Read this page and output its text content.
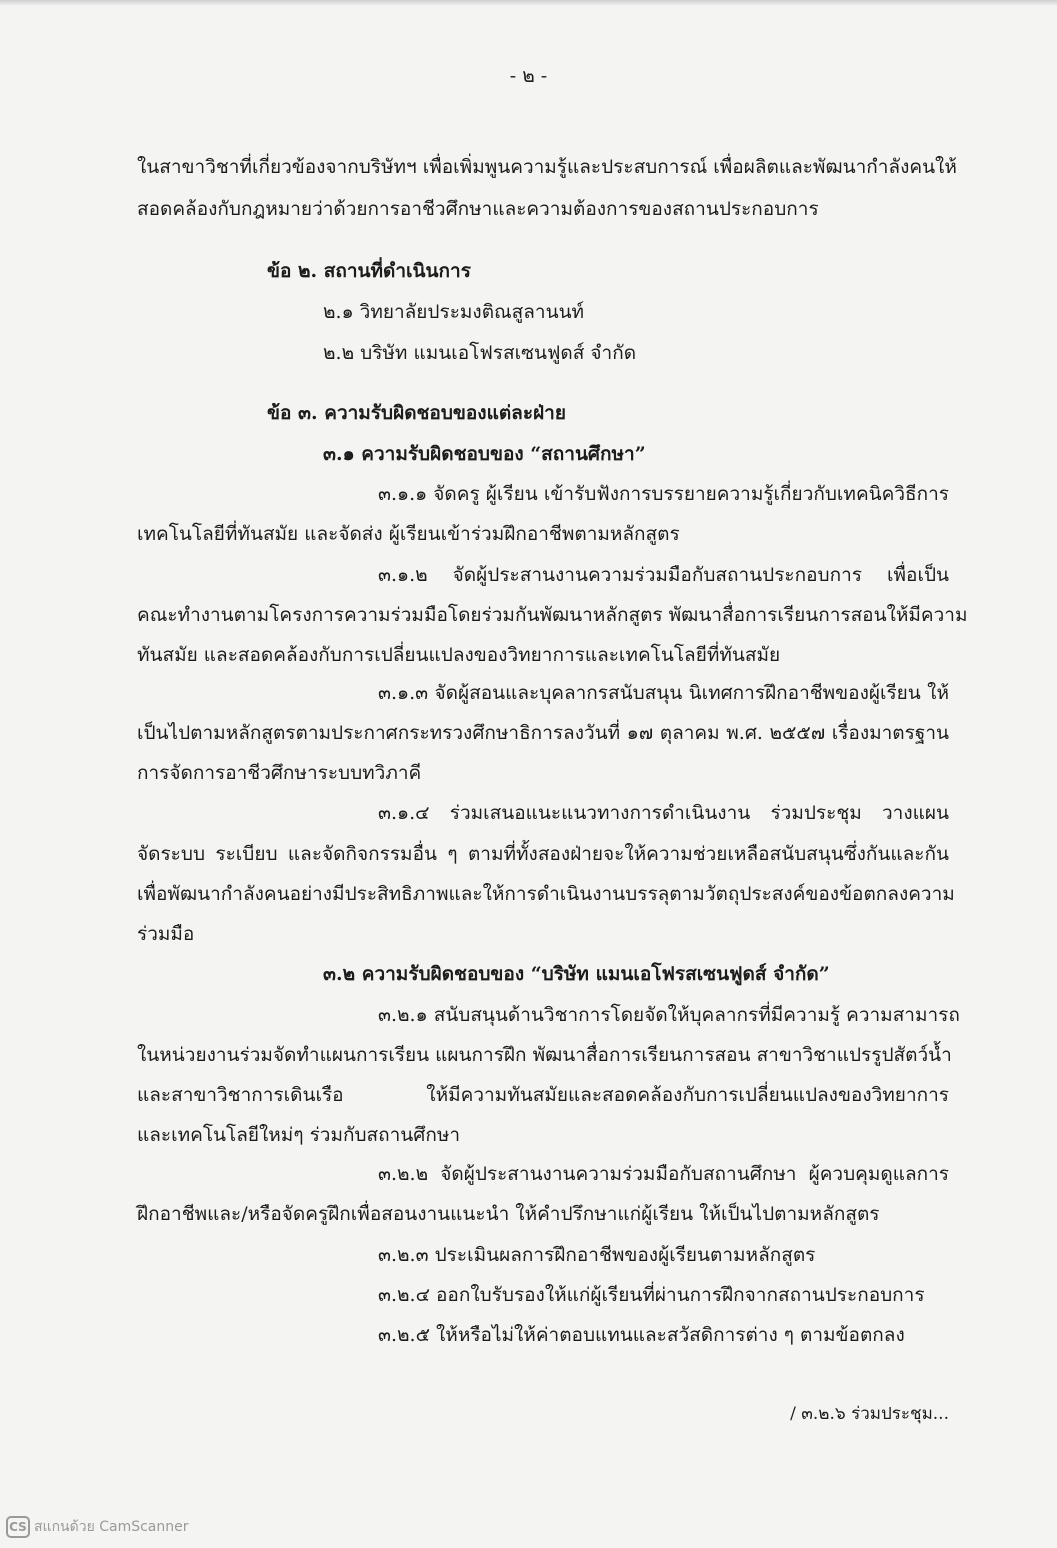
- ๒ -
ในสาขาวิชาที่เกี่ยวข้องจากบริษัทฯ เพื่อเพิ่มพูนความรู้และประสบการณ์ เพื่อผลิตและพัฒนากำลังคนให้
สอดคล้องกับกฎหมายว่าด้วยการอาชีวศึกษาและความต้องการของสถานประกอบการ
ข้อ ๒. สถานที่ดำเนินการ
๒.๑ วิทยาลัยประมงติณสูลานนท์
๒.๒ บริษัท แมนเอโฟรสเซนฟูดส์ จำกัด
ข้อ ๓. ความรับผิดชอบของแต่ละฝ่าย
๓.๑ ความรับผิดชอบของ “สถานศึกษา”
๓.๑.๑ จัดครู ผู้เรียน เข้ารับฟังการบรรยายความรู้เกี่ยวกับเทคนิควิธีการ
เทคโนโลยีที่ทันสมัย และจัดส่ง ผู้เรียนเข้าร่วมฝึกอาชีพตามหลักสูตร
๓.๑.๒ จัดผู้ประสานงานความร่วมมือกับสถานประกอบการ เพื่อเป็น
คณะทำงานตามโครงการความร่วมมือโดยร่วมกันพัฒนาหลักสูตร พัฒนาสื่อการเรียนการสอนให้มีความ
ทันสมัย และสอดคล้องกับการเปลี่ยนแปลงของวิทยาการและเทคโนโลยีที่ทันสมัย
๓.๑.๓ จัดผู้สอนและบุคลากรสนับสนุน นิเทศการฝึกอาชีพของผู้เรียน ให้
เป็นไปตามหลักสูตรตามประกาศกระทรวงศึกษาธิการลงวันที่ ๑๗ ตุลาคม พ.ศ. ๒๕๕๗ เรื่องมาตรฐาน
การจัดการอาชีวศึกษาระบบทวิภาคี
๓.๑.๔ ร่วมเสนอแนะแนวทางการดำเนินงาน ร่วมประชุม วางแผน
จัดระบบ ระเบียบ และจัดกิจกรรมอื่น ๆ ตามที่ทั้งสองฝ่ายจะให้ความช่วยเหลือสนับสนุนซึ่งกันและกัน
เพื่อพัฒนากำลังคนอย่างมีประสิทธิภาพและให้การดำเนินงานบรรลุตามวัตถุประสงค์ของข้อตกลงความ
ร่วมมือ
๓.๒ ความรับผิดชอบของ “บริษัท แมนเอโฟรสเซนฟูดส์ จำกัด”
๓.๒.๑ สนับสนุนด้านวิชาการโดยจัดให้บุคลากรที่มีความรู้ ความสามารถ
ในหน่วยงานร่วมจัดทำแผนการเรียน แผนการฝึก พัฒนาสื่อการเรียนการสอน สาขาวิชาแปรรูปสัตว์น้ำ
และสาขาวิชาการเดินเรือ ให้มีความทันสมัยและสอดคล้องกับการเปลี่ยนแปลงของวิทยาการ
และเทคโนโลยีใหม่ๆ ร่วมกับสถานศึกษา
๓.๒.๒ จัดผู้ประสานงานความร่วมมือกับสถานศึกษา ผู้ควบคุมดูแลการ
ฝึกอาชีพและ/หรือจัดครูฝึกเพื่อสอนงานแนะนำ ให้คำปรึกษาแก่ผู้เรียน ให้เป็นไปตามหลักสูตร
๓.๒.๓ ประเมินผลการฝึกอาชีพของผู้เรียนตามหลักสูตร
๓.๒.๔ ออกใบรับรองให้แก่ผู้เรียนที่ผ่านการฝึกจากสถานประกอบการ
๓.๒.๕ ให้หรือไม่ให้ค่าตอบแทนและสวัสดิการต่าง ๆ ตามข้อตกลง
/ ๓.๒.๖ ร่วมประชุม...
CS สแกนด้วย CamScanner
